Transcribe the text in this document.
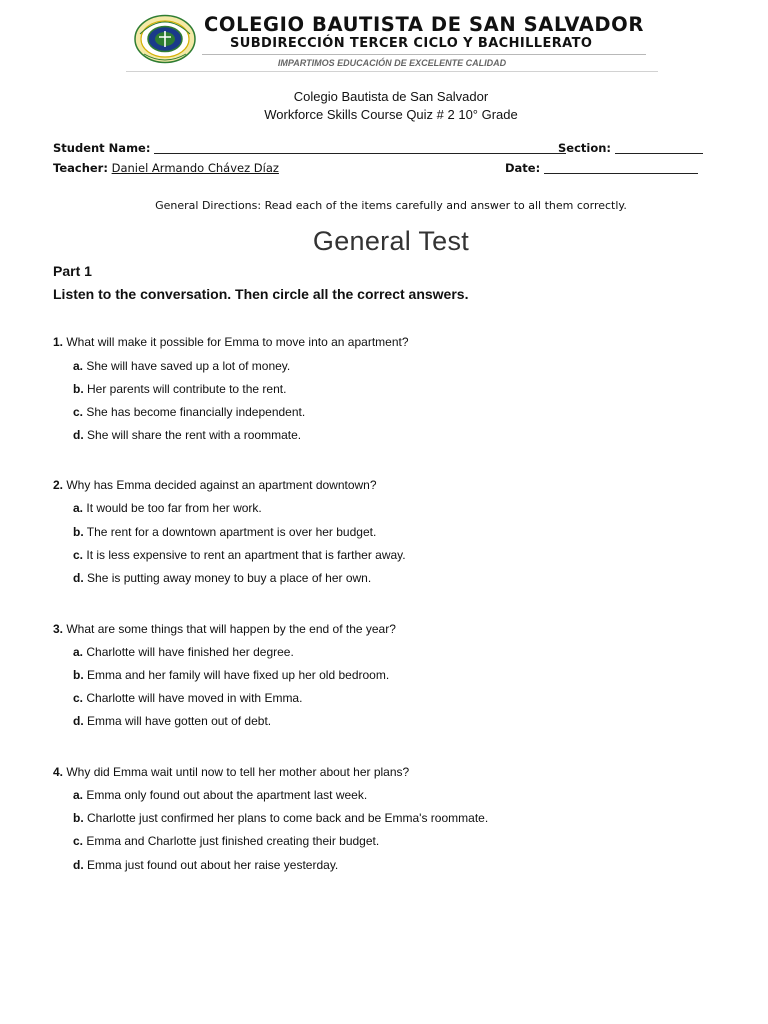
COLEGIO BAUTISTA DE SAN SALVADOR
SUBDIRECCIÓN TERCER CICLO Y BACHILLERATO
IMPARTIMOS EDUCACIÓN DE EXCELENTE CALIDAD
Colegio Bautista de San Salvador
Workforce Skills Course Quiz # 2 10° Grade
Student Name:	Section:
Teacher: Daniel Armando Chávez Díaz	Date:
General Directions: Read each of the items carefully and answer to all them correctly.
General Test
Part 1
Listen to the conversation. Then circle all the correct answers.
1. What will make it possible for Emma to move into an apartment?
a. She will have saved up a lot of money.
b. Her parents will contribute to the rent.
c. She has become financially independent.
d. She will share the rent with a roommate.
2. Why has Emma decided against an apartment downtown?
a. It would be too far from her work.
b. The rent for a downtown apartment is over her budget.
c. It is less expensive to rent an apartment that is farther away.
d. She is putting away money to buy a place of her own.
3. What are some things that will happen by the end of the year?
a. Charlotte will have finished her degree.
b. Emma and her family will have fixed up her old bedroom.
c. Charlotte will have moved in with Emma.
d. Emma will have gotten out of debt.
4. Why did Emma wait until now to tell her mother about her plans?
a. Emma only found out about the apartment last week.
b. Charlotte just confirmed her plans to come back and be Emma's roommate.
c. Emma and Charlotte just finished creating their budget.
d. Emma just found out about her raise yesterday.
